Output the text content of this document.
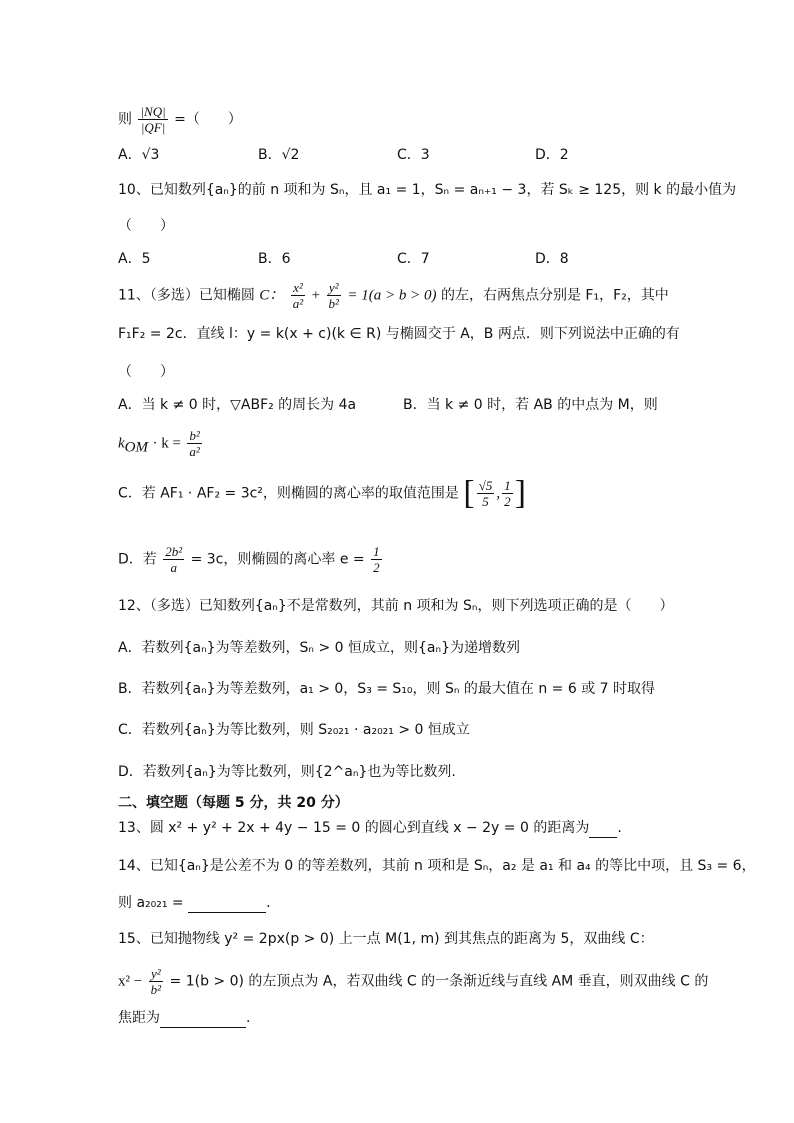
则 $\frac{|NQ|}{|QF|}$ =（　　）
A．√3	B．√2	C．3	D．2
10、已知数列{aₙ}的前 n 项和为 Sₙ，且 a₁ = 1，Sₙ = aₙ₊₁ − 3，若 Sₖ ≥ 125，则 k 的最小值为
（　　）
A．5	B．6	C．7	D．8
11、（多选）已知椭圆 C： $\frac{\text{x²}}{\text{a²}} + \frac{\text{y²}}{\text{b²}} = 1(a > b > 0)$ 的左，右两焦点分别是 F₁，F₂，其中
F₁F₂ = 2c．直线 l：y = k(x + c)(k ∈ R) 与椭圆交于 A，B 两点．则下列说法中正确的有
（　　）
A．当 k ≠ 0 时，▽ABF₂ 的周长为 4a	B．当 k ≠ 0 时，若 AB 的中点为 M，则
$k_{OM} \cdot k = \frac{\text{b²}}{\text{a²}}$
C．若 AF₁ · AF₂ = 3c²，则椭圆的离心率的取值范围是 [ $\frac{√5}{5}$ , $\frac{1}{2}$ ]
D．若 $\frac{\text{2b²}}{a} = 3c$，则椭圆的离心率 $e = \frac{1}{2}$
12、（多选）已知数列{aₙ}不是常数列，其前 n 项和为 Sₙ，则下列选项正确的是（　　）
A．若数列{aₙ}为等差数列，Sₙ > 0 恒成立，则{aₙ}为递增数列
B．若数列{aₙ}为等差数列，a₁ > 0，S₃ = S₁₀，则 Sₙ 的最大值在 n = 6 或 7 时取得
C．若数列{aₙ}为等比数列，则 S₂₀₂₁ · a₂₀₂₁ > 0 恒成立
D．若数列{aₙ}为等比数列，则{2^aₙ}也为等比数列.
二、填空题（每题 5 分，共 20 分）
13、圆 x² + y² + 2x + 4y − 15 = 0 的圆心到直线 x − 2y = 0 的距离为 .
14、已知{aₙ}是公差不为 0 的等差数列，其前 n 项和是 Sₙ，a₂ 是 a₁ 和 a₄ 的等比中项，且 S₃ = 6，
则 a₂₀₂₁ =	.
15、已知抛物线 y² = 2px(p > 0) 上一点 M(1, m) 到其焦点的距离为 5，双曲线 C：
$x^2 - \frac{\text{y²}}{\text{b²}} = 1(b > 0)$ 的左顶点为 A，若双曲线 C 的一条渐近线与直线 AM 垂直，则双曲线 C 的
焦距为	.
